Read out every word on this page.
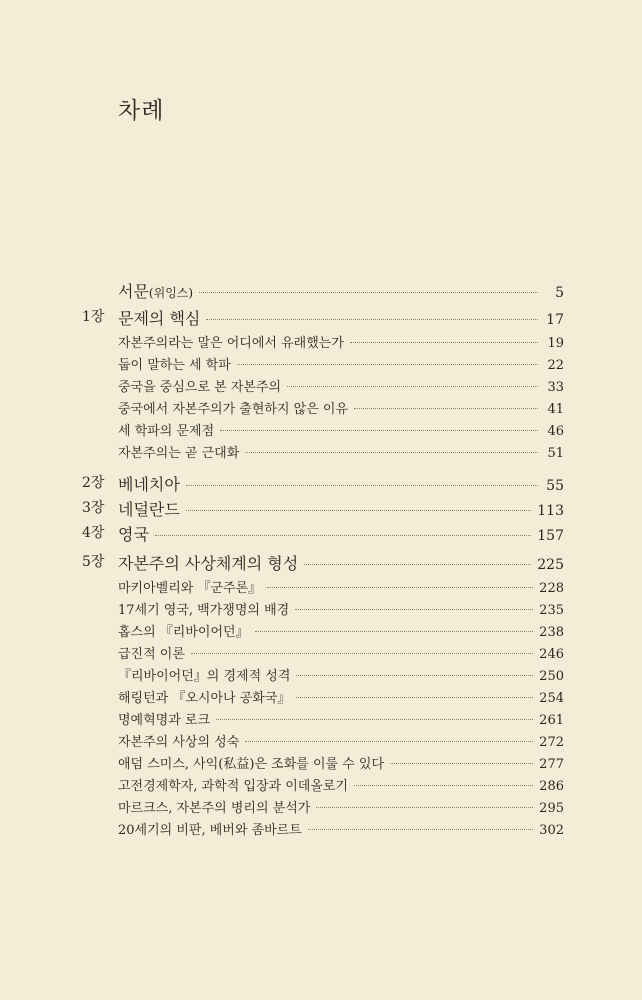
차례
서문(위잉스)	5
1장 문제의 핵심	17
자본주의라는 말은 어디에서 유래했는가	19
둡이 말하는 세 학파	22
중국을 중심으로 본 자본주의	33
중국에서 자본주의가 출현하지 않은 이유	41
세 학파의 문제점	46
자본주의는 곧 근대화	51
2장 베네치아	55
3장 네덜란드	113
4장 영국	157
5장 자본주의 사상체계의 형성	225
마키아벨리와 『군주론』	228
17세기 영국, 백가쟁명의 배경	235
홉스의 『리바이어던』	238
급진적 이론	246
『리바이어던』의 경제적 성격	250
해링턴과 『오시아나 공화국』	254
명예혁명과 로크	261
자본주의 사상의 성숙	272
애덤 스미스, 사익(私益)은 조화를 이룰 수 있다	277
고전경제학자, 과학적 입장과 이데올로기	286
마르크스, 자본주의 병리의 분석가	295
20세기의 비판, 베버와 좀바르트	302
